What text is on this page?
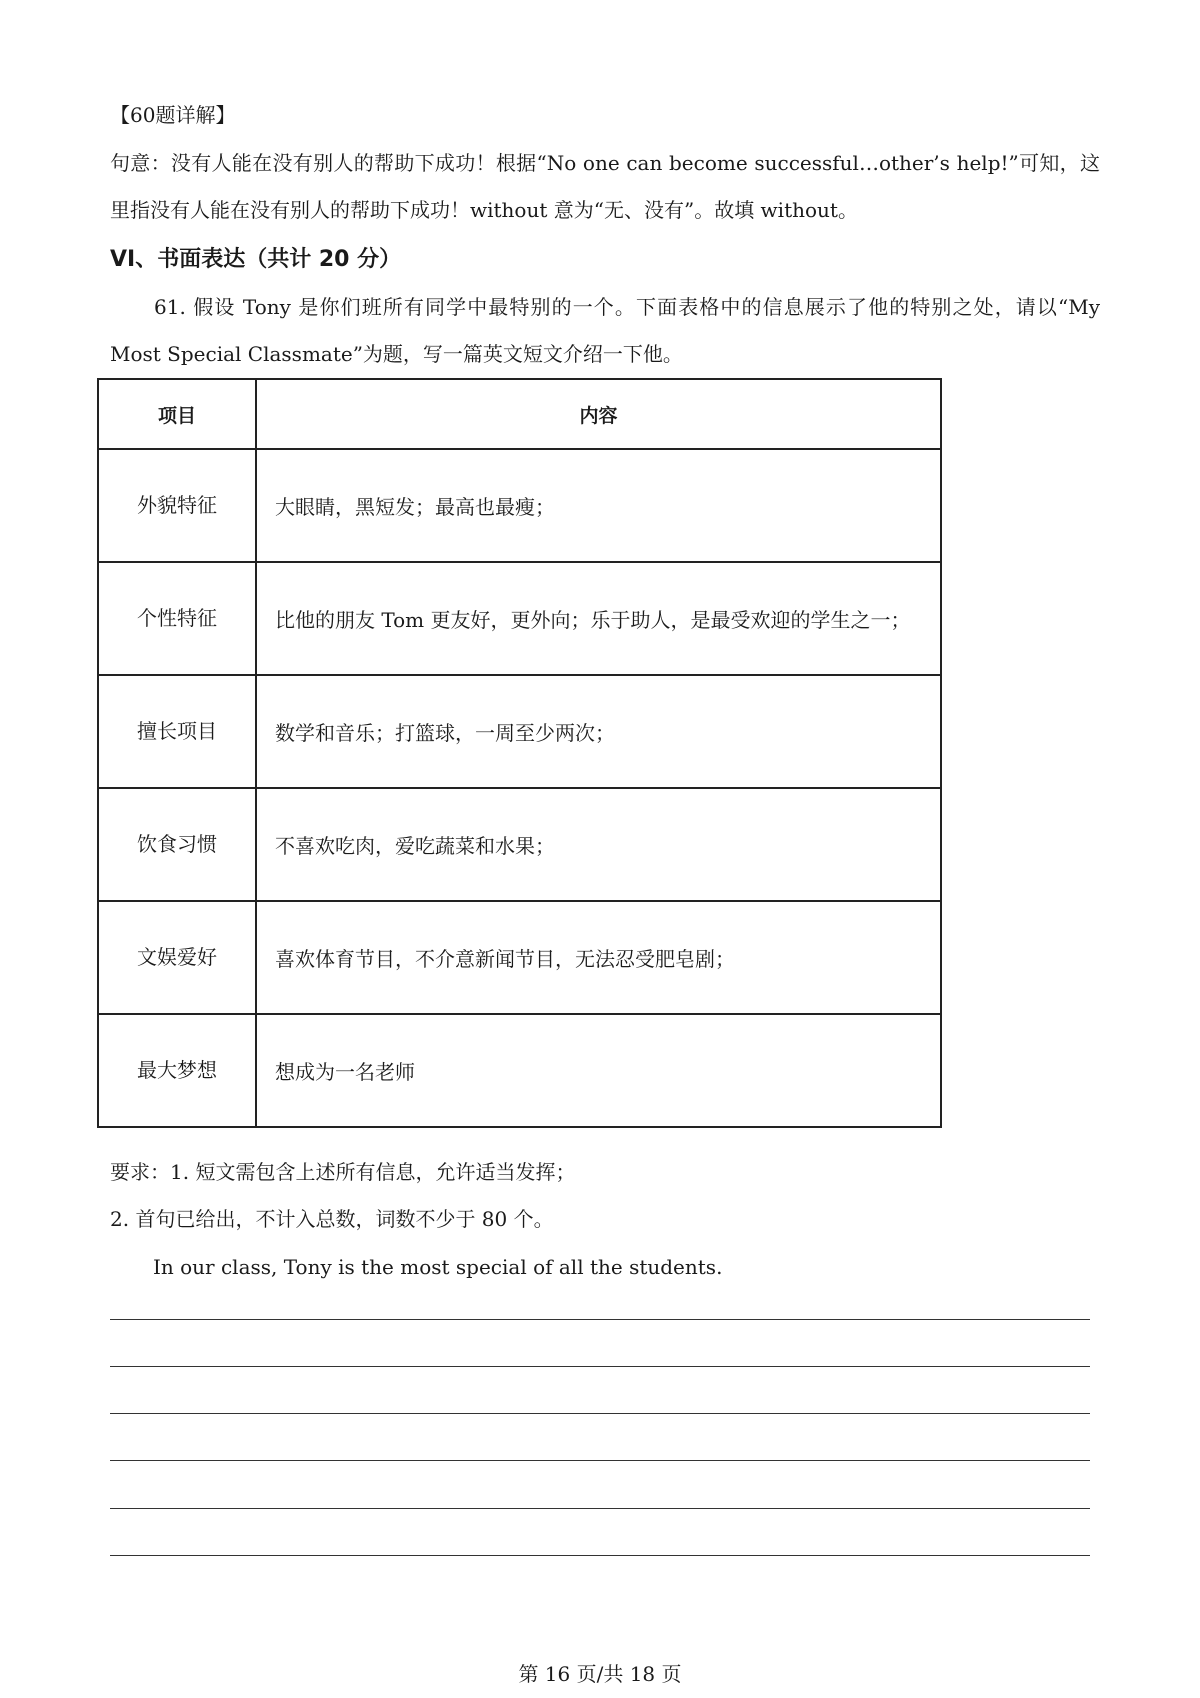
【60题详解】
句意：没有人能在没有别人的帮助下成功！根据“No one can become successful…other’s help!”可知，这里指没有人能在没有别人的帮助下成功！without 意为“无、没有”。故填 without。
VI、书面表达（共计 20 分）
61. 假设 Tony 是你们班所有同学中最特别的一个。下面表格中的信息展示了他的特别之处，请以“My Most Special Classmate”为题，写一篇英文短文介绍一下他。
项目	内容
外貌特征	大眼睛，黑短发；最高也最瘦；
个性特征	比他的朋友 Tom 更友好，更外向；乐于助人，是最受欢迎的学生之一；
擅长项目	数学和音乐；打篮球，一周至少两次；
饮食习惯	不喜欢吃肉，爱吃蔬菜和水果；
文娱爱好	喜欢体育节目，不介意新闻节目，无法忍受肥皂剧；
最大梦想	想成为一名老师
要求：1. 短文需包含上述所有信息，允许适当发挥；
2. 首句已给出，不计入总数，词数不少于 80 个。
In our class, Tony is the most special of all the students.
第 16 页/共 18 页
